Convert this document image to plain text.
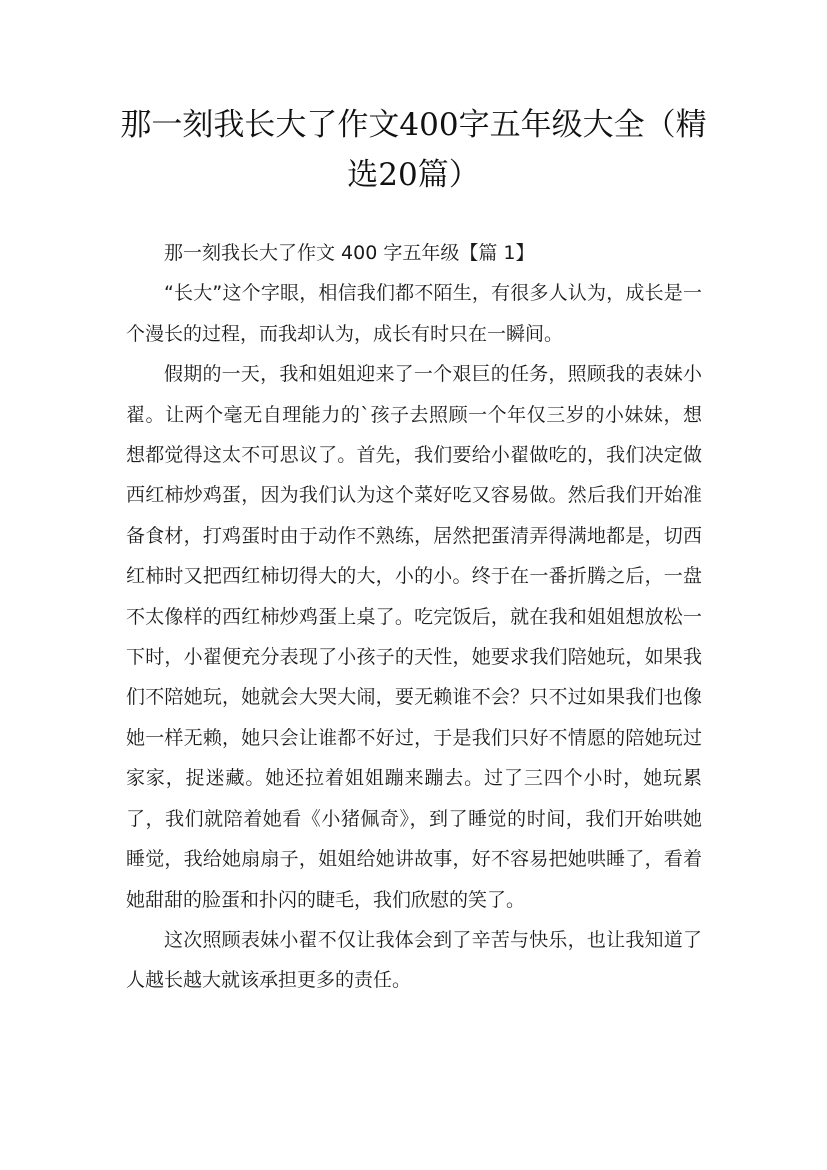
那一刻我长大了作文400字五年级大全（精选20篇）

那一刻我长大了作文 400 字五年级【篇 1】

“长大”这个字眼，相信我们都不陌生，有很多人认为，成长是一个漫长的过程，而我却认为，成长有时只在一瞬间。

假期的一天，我和姐姐迎来了一个艰巨的任务，照顾我的表妹小翟。让两个毫无自理能力的`孩子去照顾一个年仅三岁的小妹妹，想想都觉得这太不可思议了。首先，我们要给小翟做吃的，我们决定做西红柿炒鸡蛋，因为我们认为这个菜好吃又容易做。然后我们开始准备食材，打鸡蛋时由于动作不熟练，居然把蛋清弄得满地都是，切西红柿时又把西红柿切得大的大，小的小。终于在一番折腾之后，一盘不太像样的西红柿炒鸡蛋上桌了。吃完饭后，就在我和姐姐想放松一下时，小翟便充分表现了小孩子的天性，她要求我们陪她玩，如果我们不陪她玩，她就会大哭大闹，要无赖谁不会？只不过如果我们也像她一样无赖，她只会让谁都不好过，于是我们只好不情愿的陪她玩过家家，捉迷藏。她还拉着姐姐蹦来蹦去。过了三四个小时，她玩累了，我们就陪着她看《小猪佩奇》，到了睡觉的时间，我们开始哄她睡觉，我给她扇扇子，姐姐给她讲故事，好不容易把她哄睡了，看着她甜甜的脸蛋和扑闪的睫毛，我们欣慰的笑了。

这次照顾表妹小翟不仅让我体会到了辛苦与快乐，也让我知道了人越长越大就该承担更多的责任。
